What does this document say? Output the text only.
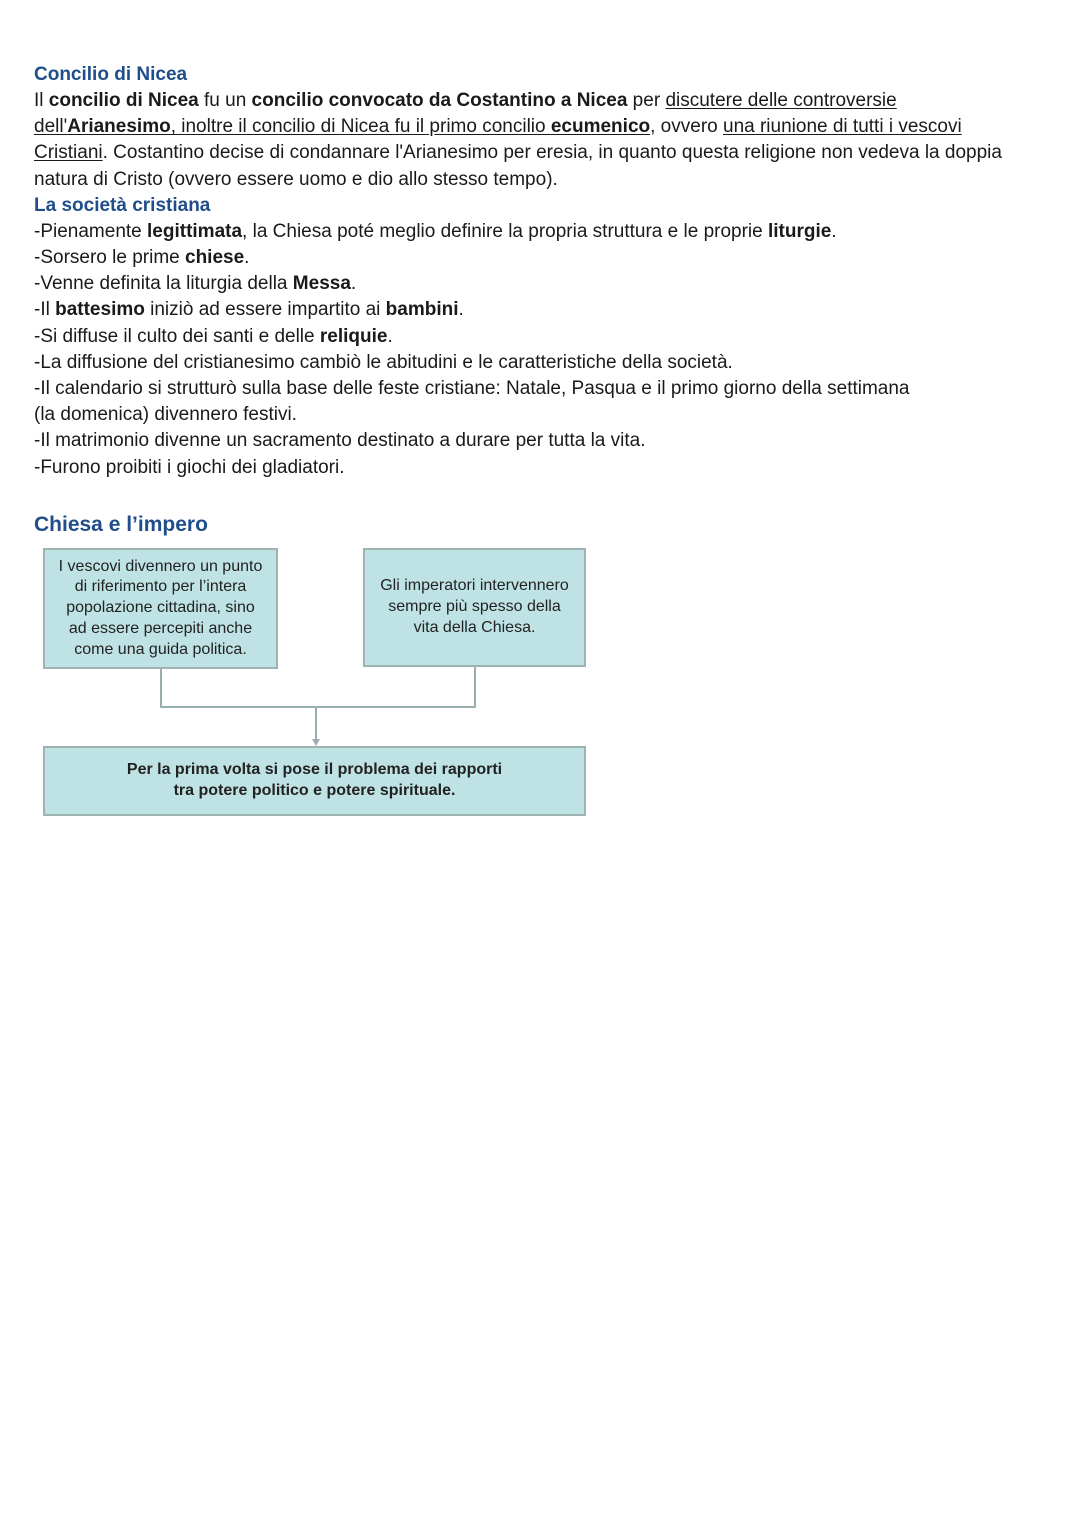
Concilio di Nicea

Il concilio di Nicea fu un concilio convocato da Costantino a Nicea per discutere delle controversie
dell'Arianesimo, inoltre il concilio di Nicea fu il primo concilio ecumenico, ovvero una riunione di tutti i vescovi
Cristiani. Costantino decise di condannare l'Arianesimo per eresia, in quanto questa religione non vedeva la doppia
natura di Cristo (ovvero essere uomo e dio allo stesso tempo).

La società cristiana
-Pienamente legittimata, la Chiesa poté meglio definire la propria struttura e le proprie liturgie.
-Sorsero le prime chiese.
-Venne definita la liturgia della Messa.
-Il battesimo iniziò ad essere impartito ai bambini.
-Si diffuse il culto dei santi e delle reliquie.
-La diffusione del cristianesimo cambiò le abitudini e le caratteristiche della società.
-Il calendario si strutturò sulla base delle feste cristiane: Natale, Pasqua e il primo giorno della settimana
(la domenica) divennero festivi.
-Il matrimonio divenne un sacramento destinato a durare per tutta la vita.
-Furono proibiti i giochi dei gladiatori.
Chiesa e l’impero
I vescovi divennero un punto
di riferimento per l’intera
popolazione cittadina, sino
ad essere percepiti anche
come una guida politica.
Gli imperatori intervennero
sempre più spesso della
vita della Chiesa.
Per la prima volta si pose il problema dei rapporti
tra potere politico e potere spirituale.
